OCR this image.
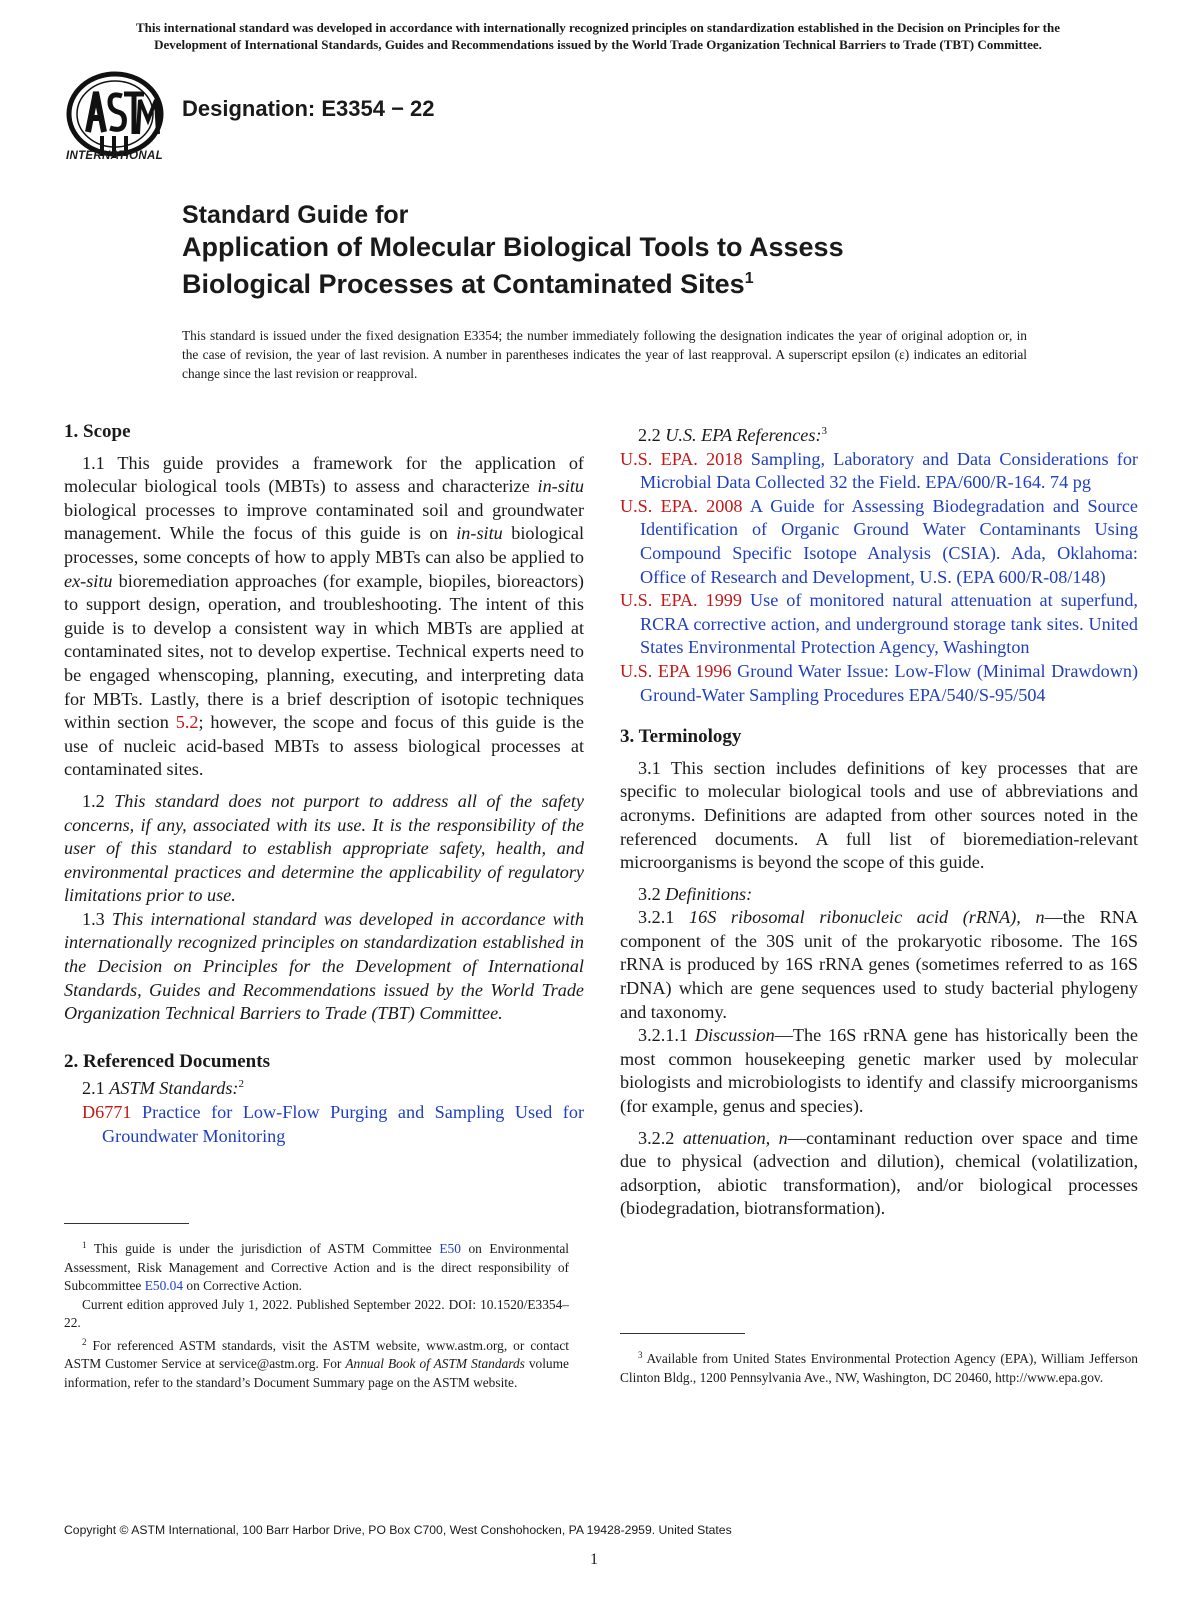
This international standard was developed in accordance with internationally recognized principles on standardization established in the Decision on Principles for the
Development of International Standards, Guides and Recommendations issued by the World Trade Organization Technical Barriers to Trade (TBT) Committee.
INTERNATIONAL
Designation: E3354 − 22
Standard Guide for
Application of Molecular Biological Tools to Assess
Biological Processes at Contaminated Sites$^1$
This standard is issued under the fixed designation E3354; the number immediately following the designation indicates the year of original adoption or, in the case of revision, the year of last revision. A number in parentheses indicates the year of last reapproval. A superscript epsilon (ε) indicates an editorial change since the last revision or reapproval.

1. Scope

1.1 This guide provides a framework for the application of molecular biological tools (MBTs) to assess and characterize in-situ biological processes to improve contaminated soil and groundwater management. While the focus of this guide is on in-situ biological processes, some concepts of how to apply MBTs can also be applied to ex-situ bioremediation approaches (for example, biopiles, bioreactors) to support design, operation, and troubleshooting. The intent of this guide is to develop a consistent way in which MBTs are applied at contaminated sites, not to develop expertise. Technical experts need to be engaged whenscoping, planning, executing, and interpreting data for MBTs. Lastly, there is a brief description of isotopic techniques within section 5.2; however, the scope and focus of this guide is the use of nucleic acid-based MBTs to assess biological processes at contaminated sites.

1.2 This standard does not purport to address all of the safety concerns, if any, associated with its use. It is the responsibility of the user of this standard to establish appropriate safety, health, and environmental practices and determine the applicability of regulatory limitations prior to use.

1.3 This international standard was developed in accordance with internationally recognized principles on standardization established in the Decision on Principles for the Development of International Standards, Guides and Recommendations issued by the World Trade Organization Technical Barriers to Trade (TBT) Committee.

2. Referenced Documents

2.1 ASTM Standards:$^2$

D6771 Practice for Low-Flow Purging and Sampling Used for Groundwater Monitoring

$^1$ This guide is under the jurisdiction of ASTM Committee E50 on Environmental Assessment, Risk Management and Corrective Action and is the direct responsibility of Subcommittee E50.04 on Corrective Action.

Current edition approved July 1, 2022. Published September 2022. DOI: 10.1520/E3354–22.

$^2$ For referenced ASTM standards, visit the ASTM website, www.astm.org, or contact ASTM Customer Service at service@astm.org. For Annual Book of ASTM Standards volume information, refer to the standard’s Document Summary page on the ASTM website.

2.2 U.S. EPA References:$^3$

U.S. EPA. 2018 Sampling, Laboratory and Data Considerations for Microbial Data Collected 32 the Field. EPA/600/R-164. 74 pg

U.S. EPA. 2008 A Guide for Assessing Biodegradation and Source Identification of Organic Ground Water Contaminants Using Compound Specific Isotope Analysis (CSIA). Ada, Oklahoma: Office of Research and Development, U.S. (EPA 600/R-08/148)

U.S. EPA. 1999 Use of monitored natural attenuation at superfund, RCRA corrective action, and underground storage tank sites. United States Environmental Protection Agency, Washington

U.S. EPA 1996 Ground Water Issue: Low-Flow (Minimal Drawdown) Ground-Water Sampling Procedures EPA/540/S-95/504

3. Terminology

3.1 This section includes definitions of key processes that are specific to molecular biological tools and use of abbreviations and acronyms. Definitions are adapted from other sources noted in the referenced documents. A full list of bioremediation-relevant microorganisms is beyond the scope of this guide.

3.2 Definitions:

3.2.1 16S ribosomal ribonucleic acid (rRNA), n—the RNA component of the 30S unit of the prokaryotic ribosome. The 16S rRNA is produced by 16S rRNA genes (sometimes referred to as 16S rDNA) which are gene sequences used to study bacterial phylogeny and taxonomy.

3.2.1.1 Discussion—The 16S rRNA gene has historically been the most common housekeeping genetic marker used by molecular biologists and microbiologists to identify and classify microorganisms (for example, genus and species).

3.2.2 attenuation, n—contaminant reduction over space and time due to physical (advection and dilution), chemical (volatilization, adsorption, abiotic transformation), and/or biological processes (biodegradation, biotransformation).

$^3$ Available from United States Environmental Protection Agency (EPA), William Jefferson Clinton Bldg., 1200 Pennsylvania Ave., NW, Washington, DC 20460, http://www.epa.gov.

Copyright © ASTM International, 100 Barr Harbor Drive, PO Box C700, West Conshohocken, PA 19428-2959. United States
1
